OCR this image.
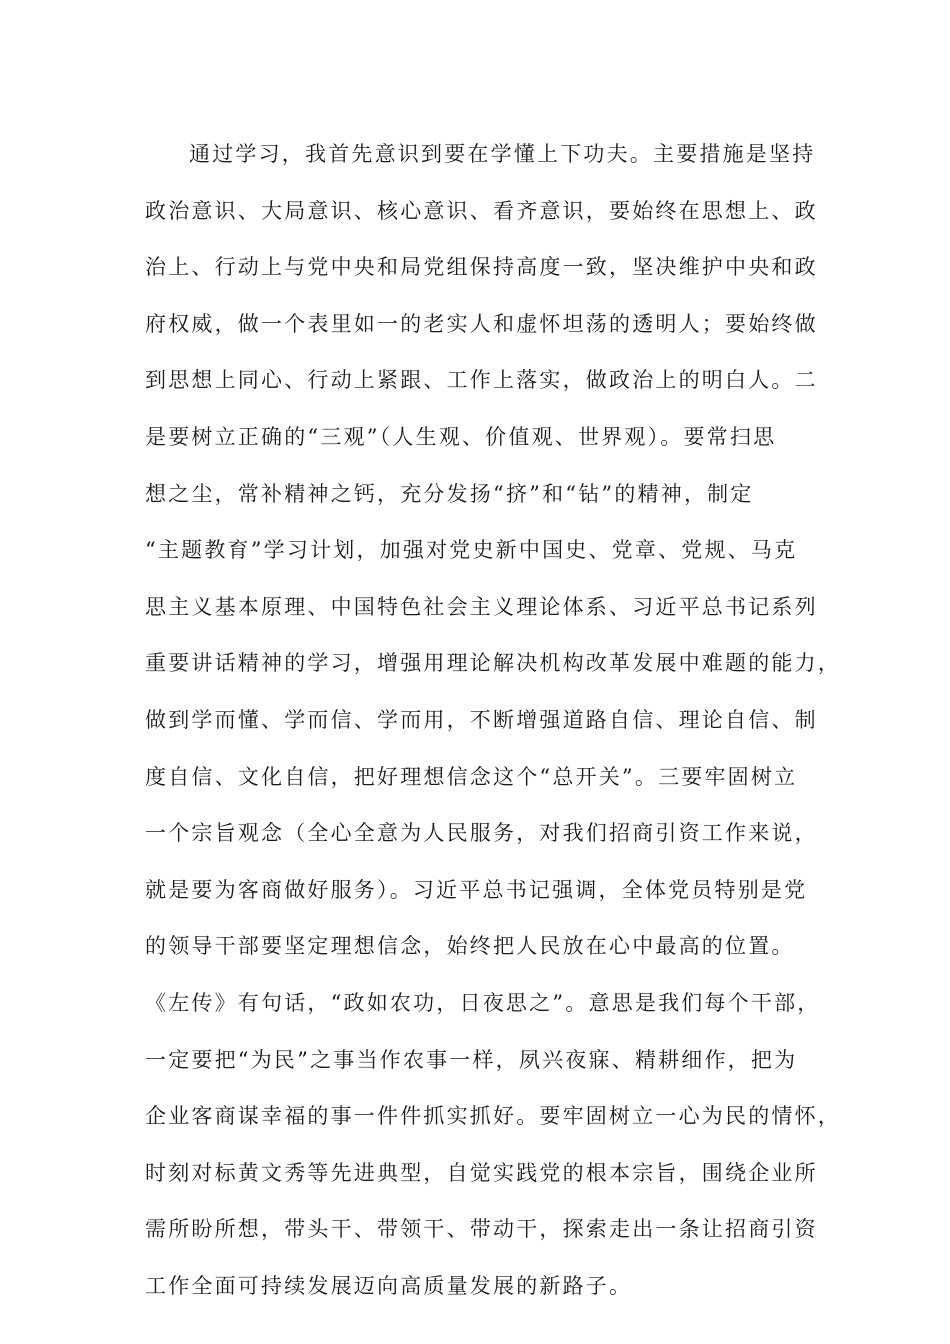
通过学习，我首先意识到要在学懂上下功夫。主要措施是坚持
政治意识、大局意识、核心意识、看齐意识，要始终在思想上、政
治上、行动上与党中央和局党组保持高度一致，坚决维护中央和政
府权威，做一个表里如一的老实人和虚怀坦荡的透明人；要始终做
到思想上同心、行动上紧跟、工作上落实，做政治上的明白人。二
是要树立正确的“三观”（人生观、价值观、世界观）。要常扫思
想之尘，常补精神之钙，充分发扬“挤”和“钻”的精神，制定
“主题教育”学习计划，加强对党史新中国史、党章、党规、马克
思主义基本原理、中国特色社会主义理论体系、习近平总书记系列
重要讲话精神的学习，增强用理论解决机构改革发展中难题的能力，
做到学而懂、学而信、学而用，不断增强道路自信、理论自信、制
度自信、文化自信，把好理想信念这个“总开关”。三要牢固树立
一个宗旨观念（全心全意为人民服务，对我们招商引资工作来说，
就是要为客商做好服务）。习近平总书记强调，全体党员特别是党
的领导干部要坚定理想信念，始终把人民放在心中最高的位置。
《左传》有句话，“政如农功，日夜思之”。意思是我们每个干部，
一定要把“为民”之事当作农事一样，夙兴夜寐、精耕细作，把为
企业客商谋幸福的事一件件抓实抓好。要牢固树立一心为民的情怀，
时刻对标黄文秀等先进典型，自觉实践党的根本宗旨，围绕企业所
需所盼所想，带头干、带领干、带动干，探索走出一条让招商引资
工作全面可持续发展迈向高质量发展的新路子。
